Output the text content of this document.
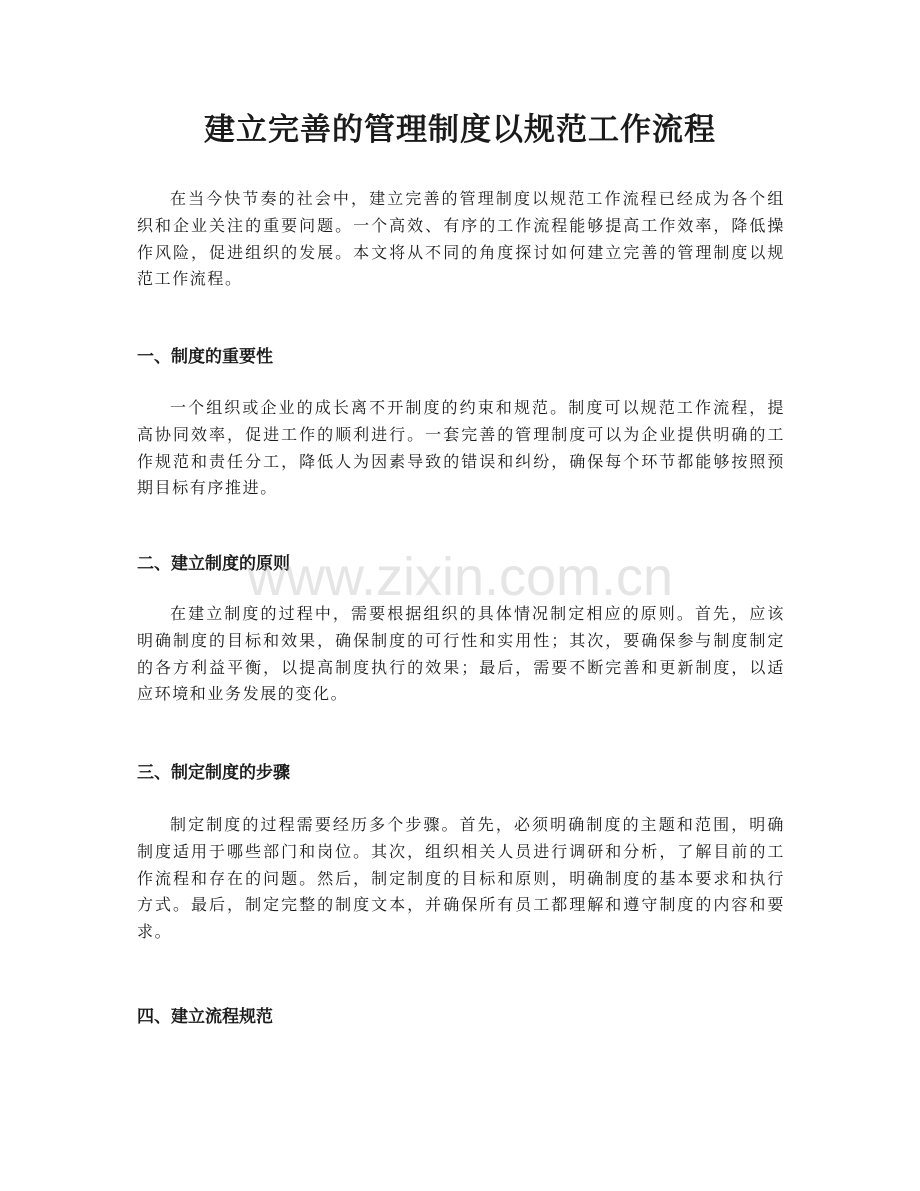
建立完善的管理制度以规范工作流程

在当今快节奏的社会中，建立完善的管理制度以规范工作流程已经成为各个组织和企业关注的重要问题。一个高效、有序的工作流程能够提高工作效率，降低操作风险，促进组织的发展。本文将从不同的角度探讨如何建立完善的管理制度以规范工作流程。

一、制度的重要性

一个组织或企业的成长离不开制度的约束和规范。制度可以规范工作流程，提高协同效率，促进工作的顺利进行。一套完善的管理制度可以为企业提供明确的工作规范和责任分工，降低人为因素导致的错误和纠纷，确保每个环节都能够按照预期目标有序推进。

二、建立制度的原则

在建立制度的过程中，需要根据组织的具体情况制定相应的原则。首先，应该明确制度的目标和效果，确保制度的可行性和实用性；其次，要确保参与制度制定的各方利益平衡，以提高制度执行的效果；最后，需要不断完善和更新制度，以适应环境和业务发展的变化。

三、制定制度的步骤

制定制度的过程需要经历多个步骤。首先，必须明确制度的主题和范围，明确制度适用于哪些部门和岗位。其次，组织相关人员进行调研和分析，了解目前的工作流程和存在的问题。然后，制定制度的目标和原则，明确制度的基本要求和执行方式。最后，制定完整的制度文本，并确保所有员工都理解和遵守制度的内容和要求。

四、建立流程规范
www.zixin.com.cn
